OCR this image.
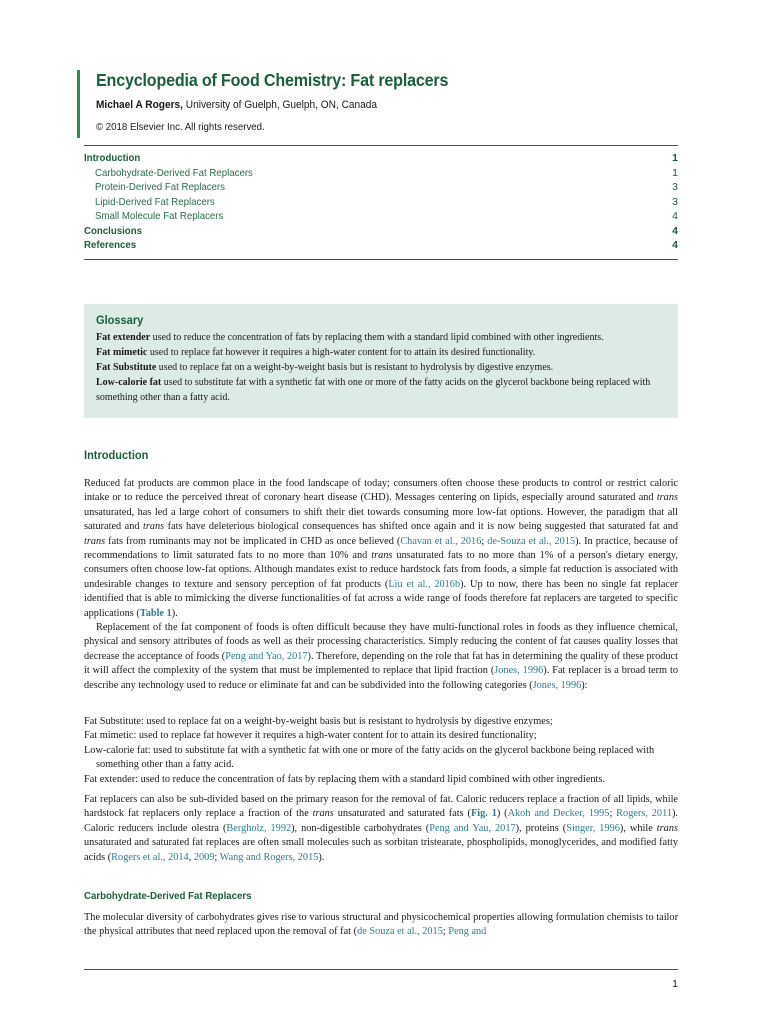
Encyclopedia of Food Chemistry: Fat replacers
Michael A Rogers, University of Guelph, Guelph, ON, Canada
© 2018 Elsevier Inc. All rights reserved.
Introduction	1
Carbohydrate-Derived Fat Replacers	1
Protein-Derived Fat Replacers	3
Lipid-Derived Fat Replacers	3
Small Molecule Fat Replacers	4
Conclusions	4
References	4
Glossary
Fat extender used to reduce the concentration of fats by replacing them with a standard lipid combined with other ingredients.
Fat mimetic used to replace fat however it requires a high-water content for to attain its desired functionality.
Fat Substitute used to replace fat on a weight-by-weight basis but is resistant to hydrolysis by digestive enzymes.
Low-calorie fat used to substitute fat with a synthetic fat with one or more of the fatty acids on the glycerol backbone being replaced with something other than a fatty acid.
Introduction
Reduced fat products are common place in the food landscape of today; consumers often choose these products to control or restrict caloric intake or to reduce the perceived threat of coronary heart disease (CHD). Messages centering on lipids, especially around saturated and trans unsaturated, has led a large cohort of consumers to shift their diet towards consuming more low-fat options. However, the paradigm that all saturated and trans fats have deleterious biological consequences has shifted once again and it is now being suggested that saturated fat and trans fats from ruminants may not be implicated in CHD as once believed (Chavan et al., 2016; de-Souza et al., 2015). In practice, because of recommendations to limit saturated fats to no more than 10% and trans unsaturated fats to no more than 1% of a person's dietary energy, consumers often choose low-fat options. Although mandates exist to reduce hardstock fats from foods, a simple fat reduction is associated with undesirable changes to texture and sensory perception of fat products (Liu et al., 2016b). Up to now, there has been no single fat replacer identified that is able to mimicking the diverse functionalities of fat across a wide range of foods therefore fat replacers are targeted to specific applications (Table 1).
Replacement of the fat component of foods is often difficult because they have multi-functional roles in foods as they influence chemical, physical and sensory attributes of foods as well as their processing characteristics. Simply reducing the content of fat causes quality losses that decrease the acceptance of foods (Peng and Yao, 2017). Therefore, depending on the role that fat has in determining the quality of these product it will affect the complexity of the system that must be implemented to replace that lipid fraction (Jones, 1996). Fat replacer is a broad term to describe any technology used to reduce or eliminate fat and can be subdivided into the following categories (Jones, 1996):
Fat Substitute: used to replace fat on a weight-by-weight basis but is resistant to hydrolysis by digestive enzymes;
Fat mimetic: used to replace fat however it requires a high-water content for to attain its desired functionality;
Low-calorie fat: used to substitute fat with a synthetic fat with one or more of the fatty acids on the glycerol backbone being replaced with something other than a fatty acid.
Fat extender: used to reduce the concentration of fats by replacing them with a standard lipid combined with other ingredients.
Fat replacers can also be sub-divided based on the primary reason for the removal of fat. Caloric reducers replace a fraction of all lipids, while hardstock fat replacers only replace a fraction of the trans unsaturated and saturated fats (Fig. 1) (Akoh and Decker, 1995; Rogers, 2011). Caloric reducers include olestra (Bergholz, 1992), non-digestible carbohydrates (Peng and Yau, 2017), proteins (Singer, 1996), while trans unsaturated and saturated fat replaces are often small molecules such as sorbitan tristearate, phospholipids, monoglycerides, and modified fatty acids (Rogers et al., 2014, 2009; Wang and Rogers, 2015).
Carbohydrate-Derived Fat Replacers
The molecular diversity of carbohydrates gives rise to various structural and physicochemical properties allowing formulation chemists to tailor the physical attributes that need replaced upon the removal of fat (de Souza et al., 2015; Peng and
1
